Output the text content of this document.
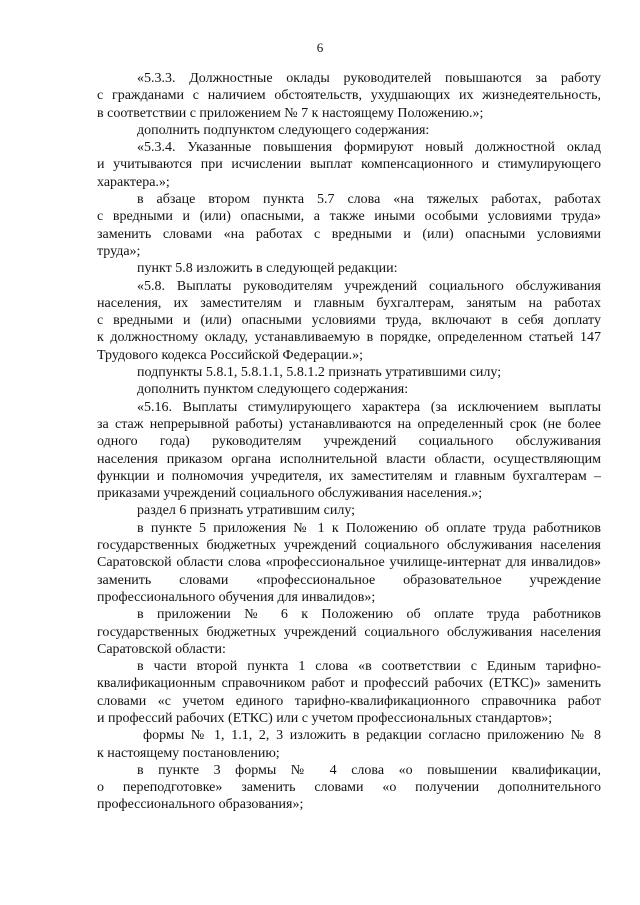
6
«5.3.3. Должностные оклады руководителей повышаются за работу
с гражданами с наличием обстоятельств, ухудшающих их жизнедеятельность,
в соответствии с приложением № 7 к настоящему Положению.»;
дополнить подпунктом следующего содержания:
«5.3.4. Указанные повышения формируют новый должностной оклад
и учитываются при исчислении выплат компенсационного и стимулирующего
характера.»;
в абзаце втором пункта 5.7 слова «на тяжелых работах, работах
с вредными и (или) опасными, а также иными особыми условиями труда»
заменить словами «на работах с вредными и (или) опасными условиями
труда»;
пункт 5.8 изложить в следующей редакции:
«5.8. Выплаты руководителям учреждений социального обслуживания
населения, их заместителям и главным бухгалтерам, занятым на работах
с вредными и (или) опасными условиями труда, включают в себя доплату
к должностному окладу, устанавливаемую в порядке, определенном статьей 147
Трудового кодекса Российской Федерации.»;
подпункты 5.8.1, 5.8.1.1, 5.8.1.2 признать утратившими силу;
дополнить пунктом следующего содержания:
«5.16. Выплаты стимулирующего характера (за исключением выплаты
за стаж непрерывной работы) устанавливаются на определенный срок (не более
одного года) руководителям учреждений социального обслуживания
населения приказом органа исполнительной власти области, осуществляющим
функции и полномочия учредителя, их заместителям и главным бухгалтерам –
приказами учреждений социального обслуживания населения.»;
раздел 6 признать утратившим силу;
в пункте 5 приложения № 1 к Положению об оплате труда работников
государственных бюджетных учреждений социального обслуживания населения
Саратовской области слова «профессиональное училище-интернат для инвалидов»
заменить словами «профессиональное образовательное учреждение
профессионального обучения для инвалидов»;
в приложении № 6 к Положению об оплате труда работников
государственных бюджетных учреждений социального обслуживания населения
Саратовской области:
в части второй пункта 1 слова «в соответствии с Единым тарифно-
квалификационным справочником работ и профессий рабочих (ЕТКС)» заменить
словами «с учетом единого тарифно-квалификационного справочника работ
и профессий рабочих (ЕТКС) или с учетом профессиональных стандартов»;
формы № 1, 1.1, 2, 3 изложить в редакции согласно приложению № 8
к настоящему постановлению;
в пункте 3 формы № 4 слова «о повышении квалификации,
о переподготовке» заменить словами «о получении дополнительного
профессионального образования»;
